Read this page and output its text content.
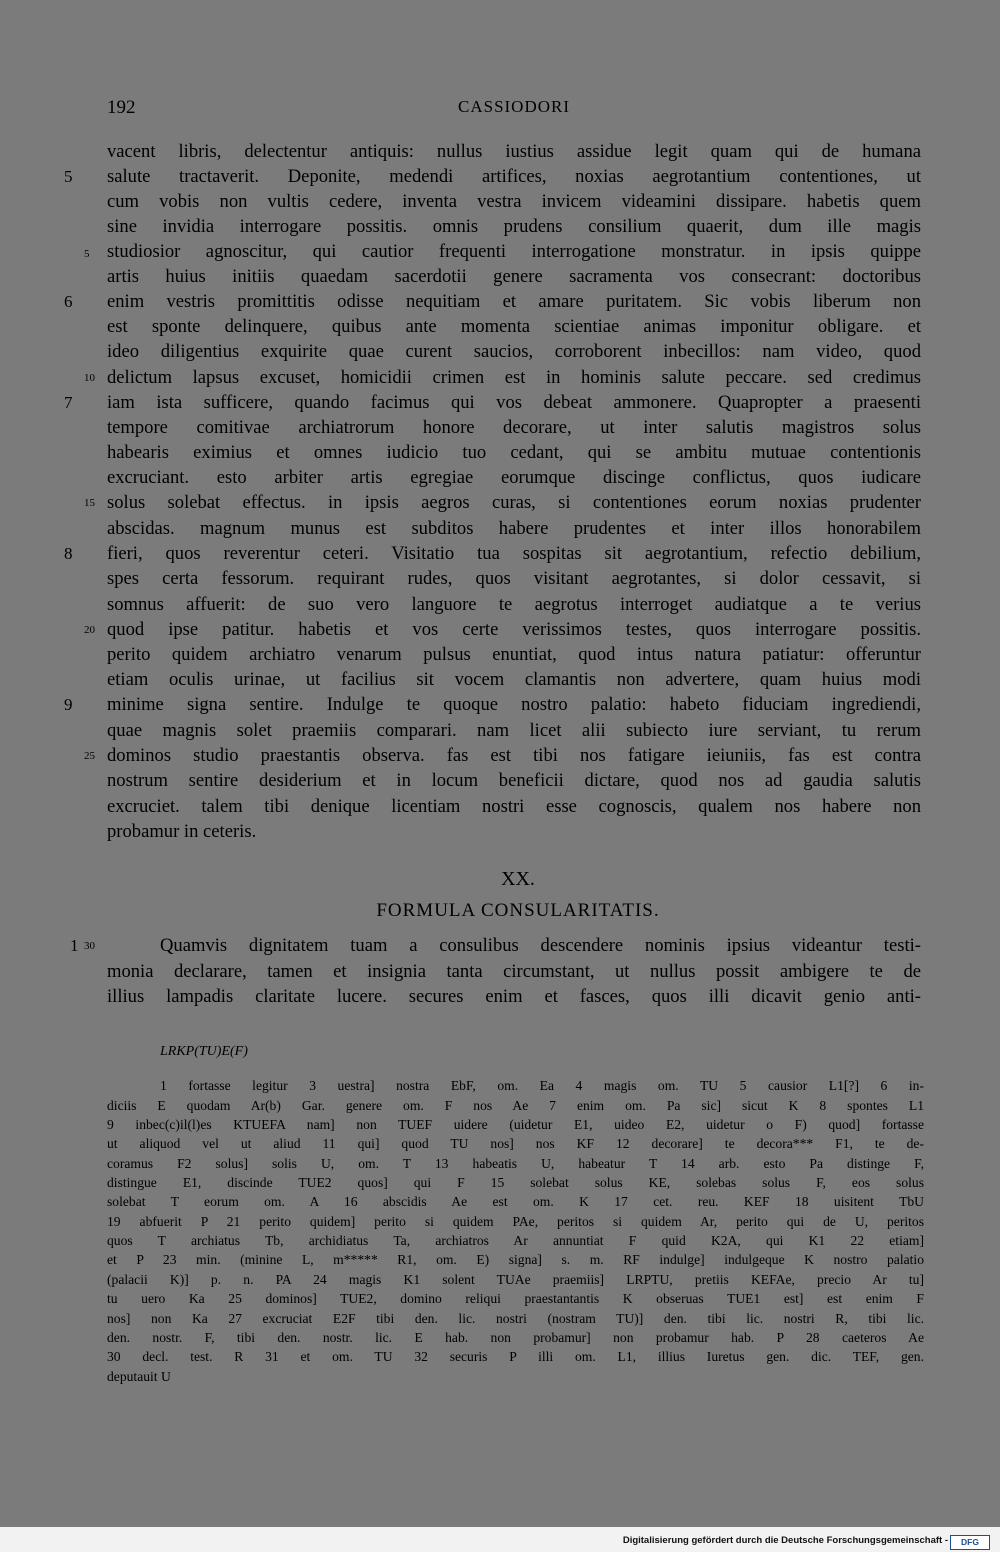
192	CASSIODORI
vacent libris, delectentur antiquis: nullus iustius assidue legit quam qui de humana
salute tractaverit. Deponite, medendi artifices, noxias aegrotantium contentiones, ut
cum vobis non vultis cedere, inventa vestra invicem videamini dissipare. habetis quem
sine invidia interrogare possitis. omnis prudens consilium quaerit, dum ille magis
studiosior agnoscitur, qui cautior frequenti interrogatione monstratur. in ipsis quippe
artis huius initiis quaedam sacerdotii genere sacramenta vos consecrant: doctoribus
enim vestris promittitis odisse nequitiam et amare puritatem. Sic vobis liberum non
est sponte delinquere, quibus ante momenta scientiae animas imponitur obligare. et
ideo diligentius exquirite quae curent saucios, corroborent inbecillos: nam video, quod
delictum lapsus excuset, homicidii crimen est in hominis salute peccare. sed credimus
iam ista sufficere, quando facimus qui vos debeat ammonere. Quapropter a praesenti
tempore comitivae archiatrorum honore decorare, ut inter salutis magistros solus
habearis eximius et omnes iudicio tuo cedant, qui se ambitu mutuae contentionis
excruciant. esto arbiter artis egregiae eorumque discinge conflictus, quos iudicare
solus solebat effectus. in ipsis aegros curas, si contentiones eorum noxias prudenter
abscidas. magnum munus est subditos habere prudentes et inter illos honorabilem
fieri, quos reverentur ceteri. Visitatio tua sospitas sit aegrotantium, refectio debilium,
spes certa fessorum. requirant rudes, quos visitant aegrotantes, si dolor cessavit, si
somnus affuerit: de suo vero languore te aegrotus interroget audiatque a te verius
quod ipse patitur. habetis et vos certe verissimos testes, quos interrogare possitis.
perito quidem archiatro venarum pulsus enuntiat, quod intus natura patiatur: offeruntur
etiam oculis urinae, ut facilius sit vocem clamantis non advertere, quam huius modi
minime signa sentire. Indulge te quoque nostro palatio: habeto fiduciam ingrediendi,
quae magnis solet praemiis comparari. nam licet alii subiecto iure serviant, tu rerum
dominos studio praestantis observa. fas est tibi nos fatigare ieiuniis, fas est contra
nostrum sentire desiderium et in locum beneficii dictare, quod nos ad gaudia salutis
excruciet. talem tibi denique licentiam nostri esse cognoscis, qualem nos habere non
probamur in ceteris.
5
6
7
8
9
5
10
15
20
25
XX.
FORMULA CONSULARITATIS.
1 30	Quamvis dignitatem tuam a consulibus descendere nominis ipsius videantur testi-
monia declarare, tamen et insignia tanta circumstant, ut nullus possit ambigere te de
illius lampadis claritate lucere. secures enim et fasces, quos illi dicavit genio anti-
LRKP(TU)E(F)
1 fortasse legitur 3 uestra] nostra EbF, om. Ea 4 magis om. TU 5 causior L1[?] 6 in-
diciis E quodam Ar(b) Gar. genere om. F nos Ae 7 enim om. Pa sic] sicut K 8 spontes L1
9 inbec(c)il(l)es KTUEFA nam] non TUEF uidere (uidetur E1, uideo E2, uidetur o F) quod] fortasse
ut aliquod vel ut aliud 11 qui] quod TU nos] nos KF 12 decorare] te decora*** F1, te de-
coramus F2 solus] solis U, om. T 13 habeatis U, habeatur T 14 arb. esto Pa distinge F,
distingue E1, discinde TUE2 quos] qui F 15 solebat solus KE, solebas solus F, eos solus
solebat T eorum om. A 16 abscidis Ae est om. K 17 cet. reu. KEF 18 uisitent TbU
19 abfuerit P 21 perito quidem] perito si quidem PAe, peritos si quidem Ar, perito qui de U, peritos
quos T archiatus Tb, archidiatus Ta, archiatros Ar annuntiat F quid K2A, qui K1 22 etiam]
et P 23 min. (minine L, m***** R1, om. E) signa] s. m. RF indulge] indulgeque K nostro palatio
(palacii K)] p. n. PA 24 magis K1 solent TUAe praemiis] LRPTU, pretiis KEFAe, precio Ar tu]
tu uero Ka 25 dominos] TUE2, domino reliqui praestantantis K obseruas TUE1 est] est enim F
nos] non Ka 27 excruciat E2F tibi den. lic. nostri (nostram TU)] den. tibi lic. nostri R, tibi lic.
den. nostr. F, tibi den. nostr. lic. E hab. non probamur] non probamur hab. P 28 caeteros Ae
30 decl. test. R 31 et om. TU 32 securis P illi om. L1, illius Iuretus gen. dic. TEF, gen.
deputauit U
Digitalisierung gefördert durch die Deutsche Forschungsgemeinschaft -	DFG
